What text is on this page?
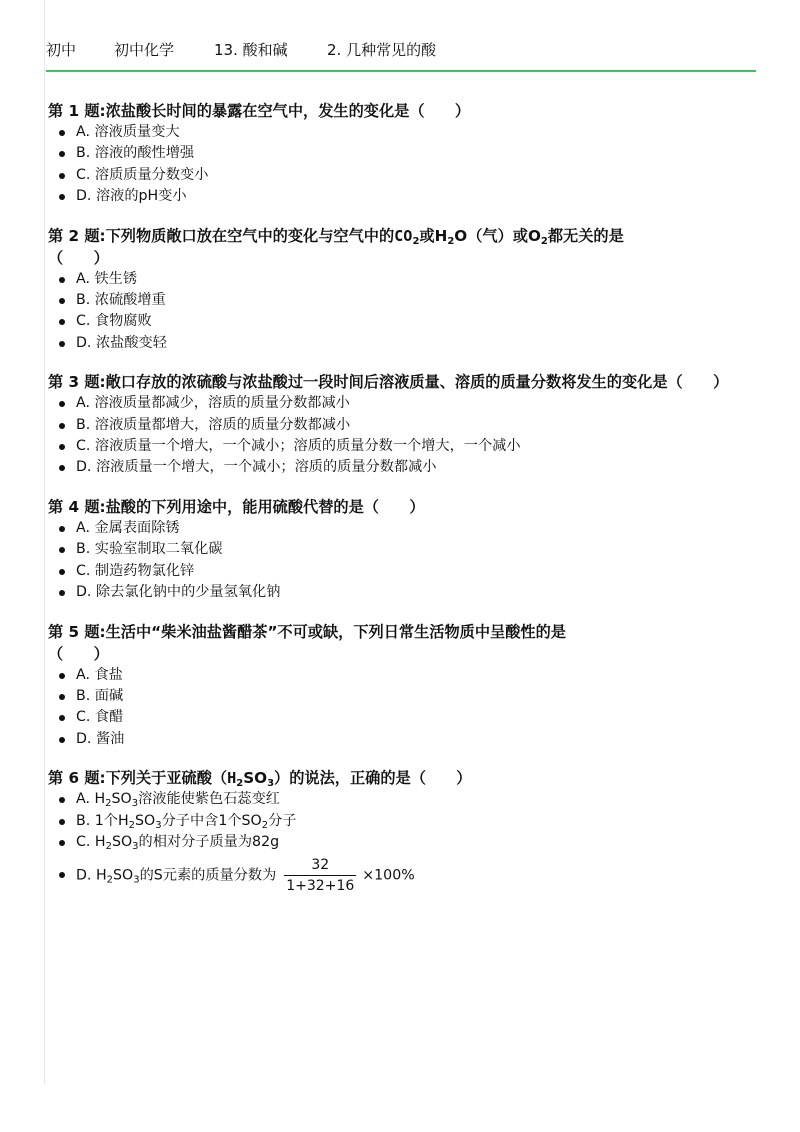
初中	初中化学	13. 酸和碱	2. 几种常见的酸

第 1 题:浓盐酸长时间的暴露在空气中，发生的变化是（　　）

A. 溶液质量变大
B. 溶液的酸性增强
C. 溶质质量分数变小
D. 溶液的pH变小

第 2 题:下列物质敞口放在空气中的变化与空气中的$CO_2$或$H_2O$（气）或$O_2$都无关的是
（　　）

A. 铁生锈
B. 浓硫酸增重
C. 食物腐败
D. 浓盐酸变轻

第 3 题:敞口存放的浓硫酸与浓盐酸过一段时间后溶液质量、溶质的质量分数将发生的变化是（　　）

A. 溶液质量都减少，溶质的质量分数都减小
B. 溶液质量都增大，溶质的质量分数都减小
C. 溶液质量一个增大，一个减小；溶质的质量分数一个增大，一个减小
D. 溶液质量一个增大，一个减小；溶质的质量分数都减小

第 4 题:盐酸的下列用途中，能用硫酸代替的是（　　）

A. 金属表面除锈
B. 实验室制取二氧化碳
C. 制造药物氯化锌
D. 除去氯化钠中的少量氢氧化钠

第 5 题:生活中“柴米油盐酱醋茶”不可或缺，下列日常生活物质中呈酸性的是
（　　）

A. 食盐
B. 面碱
C. 食醋
D. 酱油

第 6 题:下列关于亚硫酸$(H_2SO_3)$的说法，正确的是（　　）

A. $H_2SO_3$溶液能使紫色石蕊变红
B. 1个$H_2SO_3$分子中含1个$SO_2$分子
C. $H_2SO_3$的相对分子质量为82g
D. $H_2SO_3$的S元素的质量分数为 $\frac{32}{1+32+16} \times 100\%$
